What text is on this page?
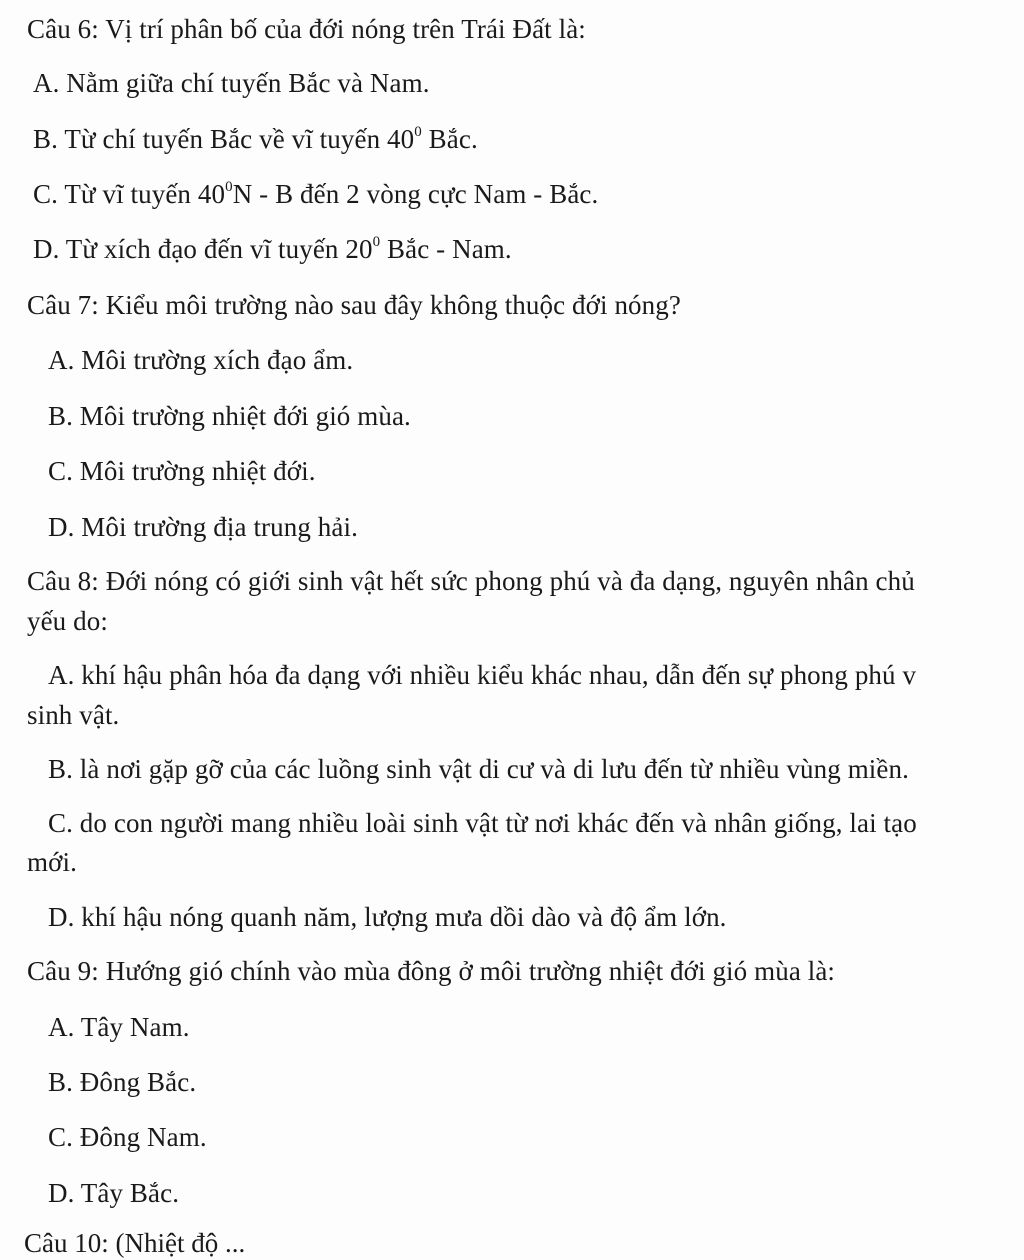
Câu 6: Vị trí phân bố của đới nóng trên Trái Đất là:
A. Nằm giữa chí tuyến Bắc và Nam.
B. Từ chí tuyến Bắc về vĩ tuyến $40^0$ Bắc.
C. Từ vĩ tuyến $40^0N$ - B đến 2 vòng cực Nam - Bắc.
D. Từ xích đạo đến vĩ tuyến $20^0$ Bắc - Nam.
Câu 7: Kiểu môi trường nào sau đây không thuộc đới nóng?
A. Môi trường xích đạo ẩm.
B. Môi trường nhiệt đới gió mùa.
C. Môi trường nhiệt đới.
D. Môi trường địa trung hải.
Câu 8: Đới nóng có giới sinh vật hết sức phong phú và đa dạng, nguyên nhân chủ
yếu do:
A. khí hậu phân hóa đa dạng với nhiều kiểu khác nhau, dẫn đến sự phong phú v
sinh vật.
B. là nơi gặp gỡ của các luồng sinh vật di cư và di lưu đến từ nhiều vùng miền.
C. do con người mang nhiều loài sinh vật từ nơi khác đến và nhân giống, lai tạo
mới.
D. khí hậu nóng quanh năm, lượng mưa dồi dào và độ ẩm lớn.
Câu 9: Hướng gió chính vào mùa đông ở môi trường nhiệt đới gió mùa là:
A. Tây Nam.
B. Đông Bắc.
C. Đông Nam.
D. Tây Bắc.
Câu 10: (Nhiệt độ ...
